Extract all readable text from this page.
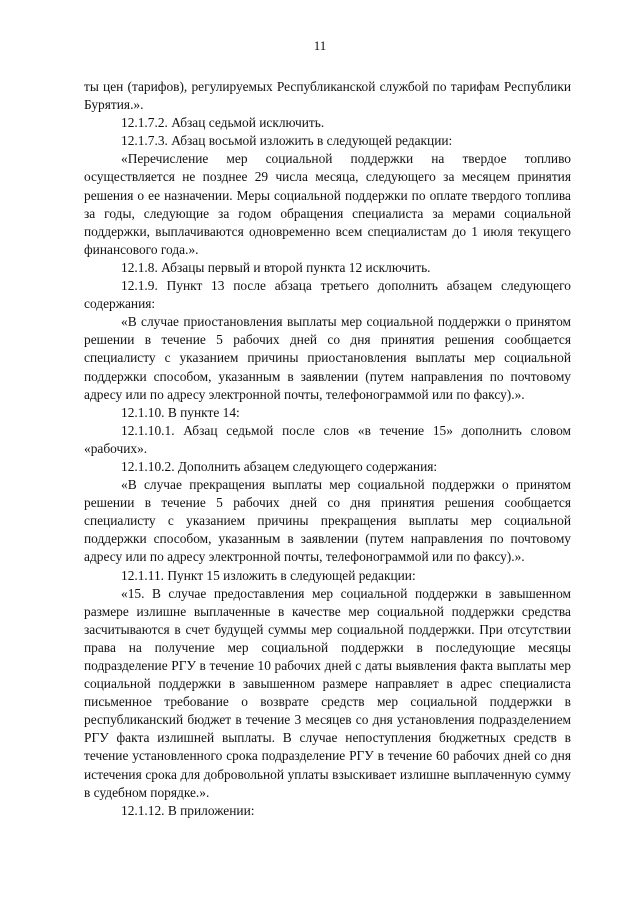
11

ты цен (тарифов), регулируемых Республиканской службой по тарифам Республики Бурятия.».

12.1.7.2. Абзац седьмой исключить.

12.1.7.3. Абзац восьмой изложить в следующей редакции:

«Перечисление мер социальной поддержки на твердое топливо осуществляется не позднее 29 числа месяца, следующего за месяцем принятия решения о ее назначении. Меры социальной поддержки по оплате твердого топлива за годы, следующие за годом обращения специалиста за мерами социальной поддержки, выплачиваются одновременно всем специалистам до 1 июля текущего финансового года.».

12.1.8. Абзацы первый и второй пункта 12 исключить.

12.1.9. Пункт 13 после абзаца третьего дополнить абзацем следующего содержания:

«В случае приостановления выплаты мер социальной поддержки о принятом решении в течение 5 рабочих дней со дня принятия решения сообщается специалисту с указанием причины приостановления выплаты мер социальной поддержки способом, указанным в заявлении (путем направления по почтовому адресу или по адресу электронной почты, телефонограммой или по факсу).».

12.1.10. В пункте 14:

12.1.10.1. Абзац седьмой после слов «в течение 15» дополнить словом «рабочих».

12.1.10.2. Дополнить абзацем следующего содержания:

«В случае прекращения выплаты мер социальной поддержки о принятом решении в течение 5 рабочих дней со дня принятия решения сообщается специалисту с указанием причины прекращения выплаты мер социальной поддержки способом, указанным в заявлении (путем направления по почтовому адресу или по адресу электронной почты, телефонограммой или по факсу).».

12.1.11. Пункт 15 изложить в следующей редакции:

«15. В случае предоставления мер социальной поддержки в завышенном размере излишне выплаченные в качестве мер социальной поддержки средства засчитываются в счет будущей суммы мер социальной поддержки. При отсутствии права на получение мер социальной поддержки в последующие месяцы подразделение РГУ в течение 10 рабочих дней с даты выявления факта выплаты мер социальной поддержки в завышенном размере направляет в адрес специалиста письменное требование о возврате средств мер социальной поддержки в республиканский бюджет в течение 3 месяцев со дня установления подразделением РГУ факта излишней выплаты. В случае непоступления бюджетных средств в течение установленного срока подразделение РГУ в течение 60 рабочих дней со дня истечения срока для добровольной уплаты взыскивает излишне выплаченную сумму в судебном порядке.».

12.1.12. В приложении:
